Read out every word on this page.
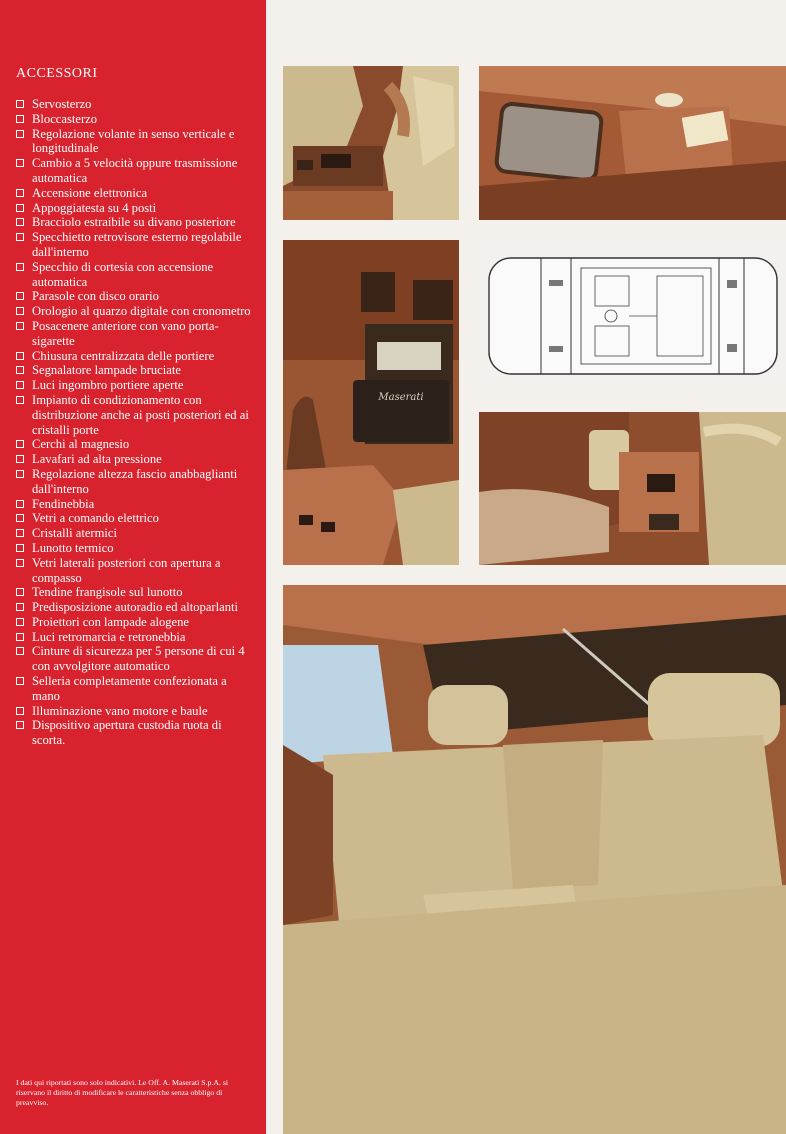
ACCESSORI
Servosterzo
Bloccasterzo
Regolazione volante in senso verticale e longitudinale
Cambio a 5 velocità oppure trasmissione automatica
Accensione elettronica
Appoggiatesta su 4 posti
Bracciolo estraibile su divano posteriore
Specchietto retrovisore esterno regolabile dall'interno
Specchio di cortesia con accensione automatica
Parasole con disco orario
Orologio al quarzo digitale con cronometro
Posacenere anteriore con vano porta-sigarette
Chiusura centralizzata delle portiere
Segnalatore lampade bruciate
Luci ingombro portiere aperte
Impianto di condizionamento con distribuzione anche ai posti posteriori ed ai cristalli porte
Cerchi al magnesio
Lavafari ad alta pressione
Regolazione altezza fascio anabbaglianti dall'interno
Fendinebbia
Vetri a comando elettrico
Cristalli atermici
Lunotto termico
Vetri laterali posteriori con apertura a compasso
Tendine frangisole sul lunotto
Predisposizione autoradio ed altoparlanti
Proiettori con lampade alogene
Luci retromarcia e retronebbia
Cinture di sicurezza per 5 persone di cui 4 con avvolgitore automatico
Selleria completamente confezionata a mano
Illuminazione vano motore e baule
Dispositivo apertura custodia ruota di scorta.
I dati qui riportati sono solo indicativi. Le Off. A. Maserati S.p.A. si riservano il diritto di modificare le caratteristiche senza obbligo di preavviso.
Maserati
